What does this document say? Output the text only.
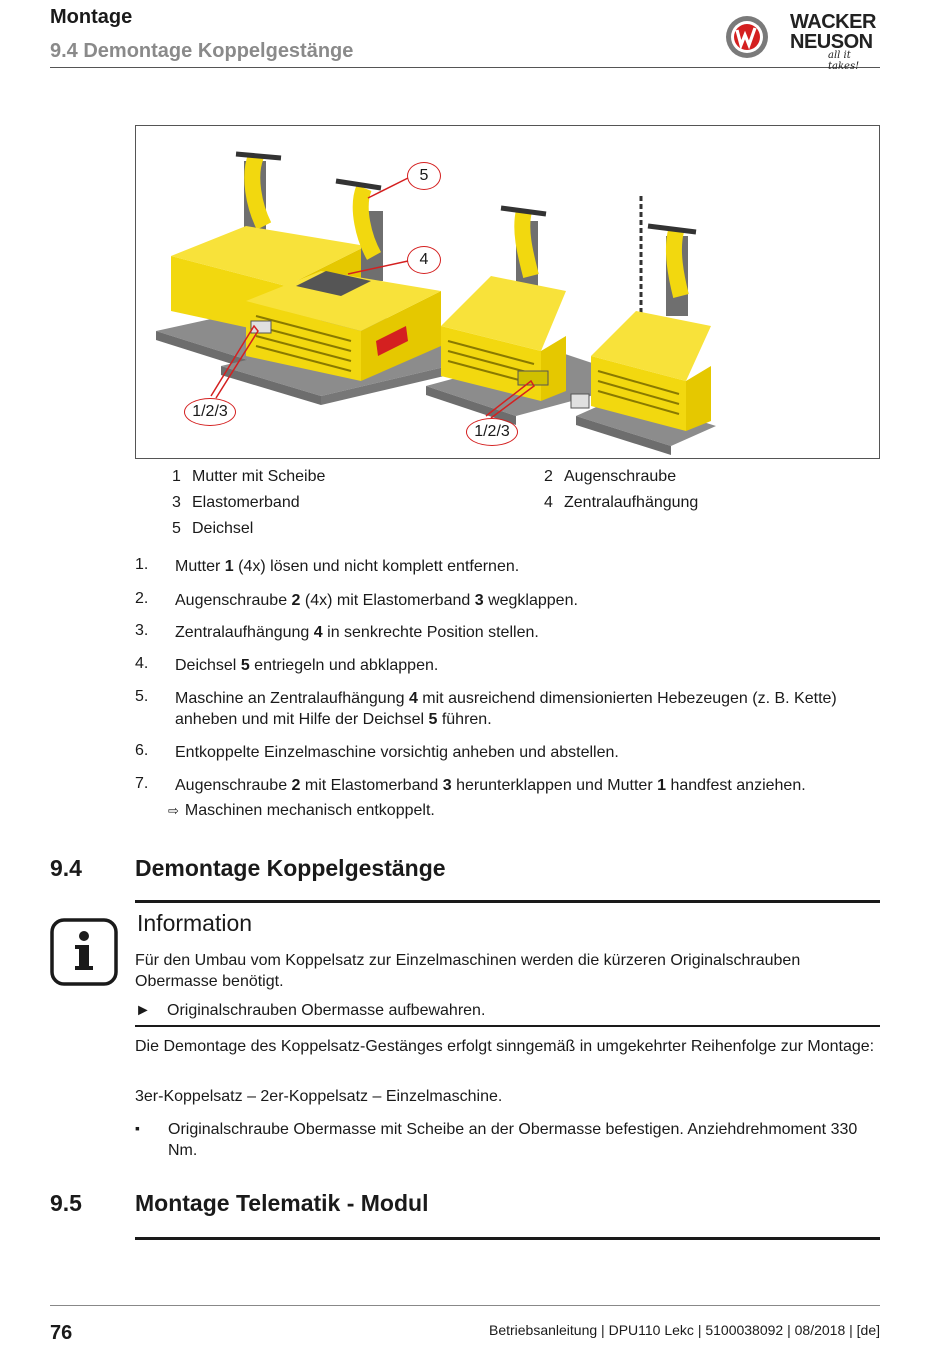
Montage
9.4 Demontage Koppelgestänge
WACKER
NEUSON
all it takes!
5
4
1/2/3
1/2/3
1 Mutter mit Scheibe	2 Augenschraube
3 Elastomerband	4 Zentralaufhängung
5 Deichsel
1. Mutter 1 (4x) lösen und nicht komplett entfernen.
2. Augenschraube 2 (4x) mit Elastomerband 3 wegklappen.
3. Zentralaufhängung 4 in senkrechte Position stellen.
4. Deichsel 5 entriegeln und abklappen.
5. Maschine an Zentralaufhängung 4 mit ausreichend dimensionierten Hebezeugen (z. B. Kette) anheben und mit Hilfe der Deichsel 5 führen.
6. Entkoppelte Einzelmaschine vorsichtig anheben und abstellen.
7. Augenschraube 2 mit Elastomerband 3 herunterklappen und Mutter 1 handfest anziehen.
⇨ Maschinen mechanisch entkoppelt.
9.4 Demontage Koppelgestänge
Information
Für den Umbau vom Koppelsatz zur Einzelmaschinen werden die kürzeren Originalschrauben Obermasse benötigt.
► Originalschrauben Obermasse aufbewahren.
Die Demontage des Koppelsatz-Gestänges erfolgt sinngemäß in umgekehrter Reihenfolge zur Montage:
3er-Koppelsatz – 2er-Koppelsatz – Einzelmaschine.
▪ Originalschraube Obermasse mit Scheibe an der Obermasse befestigen. Anziehdrehmoment 330 Nm.
9.5 Montage Telematik - Modul
76	Betriebsanleitung | DPU110 Lekc | 5100038092 | 08/2018 | [de]
